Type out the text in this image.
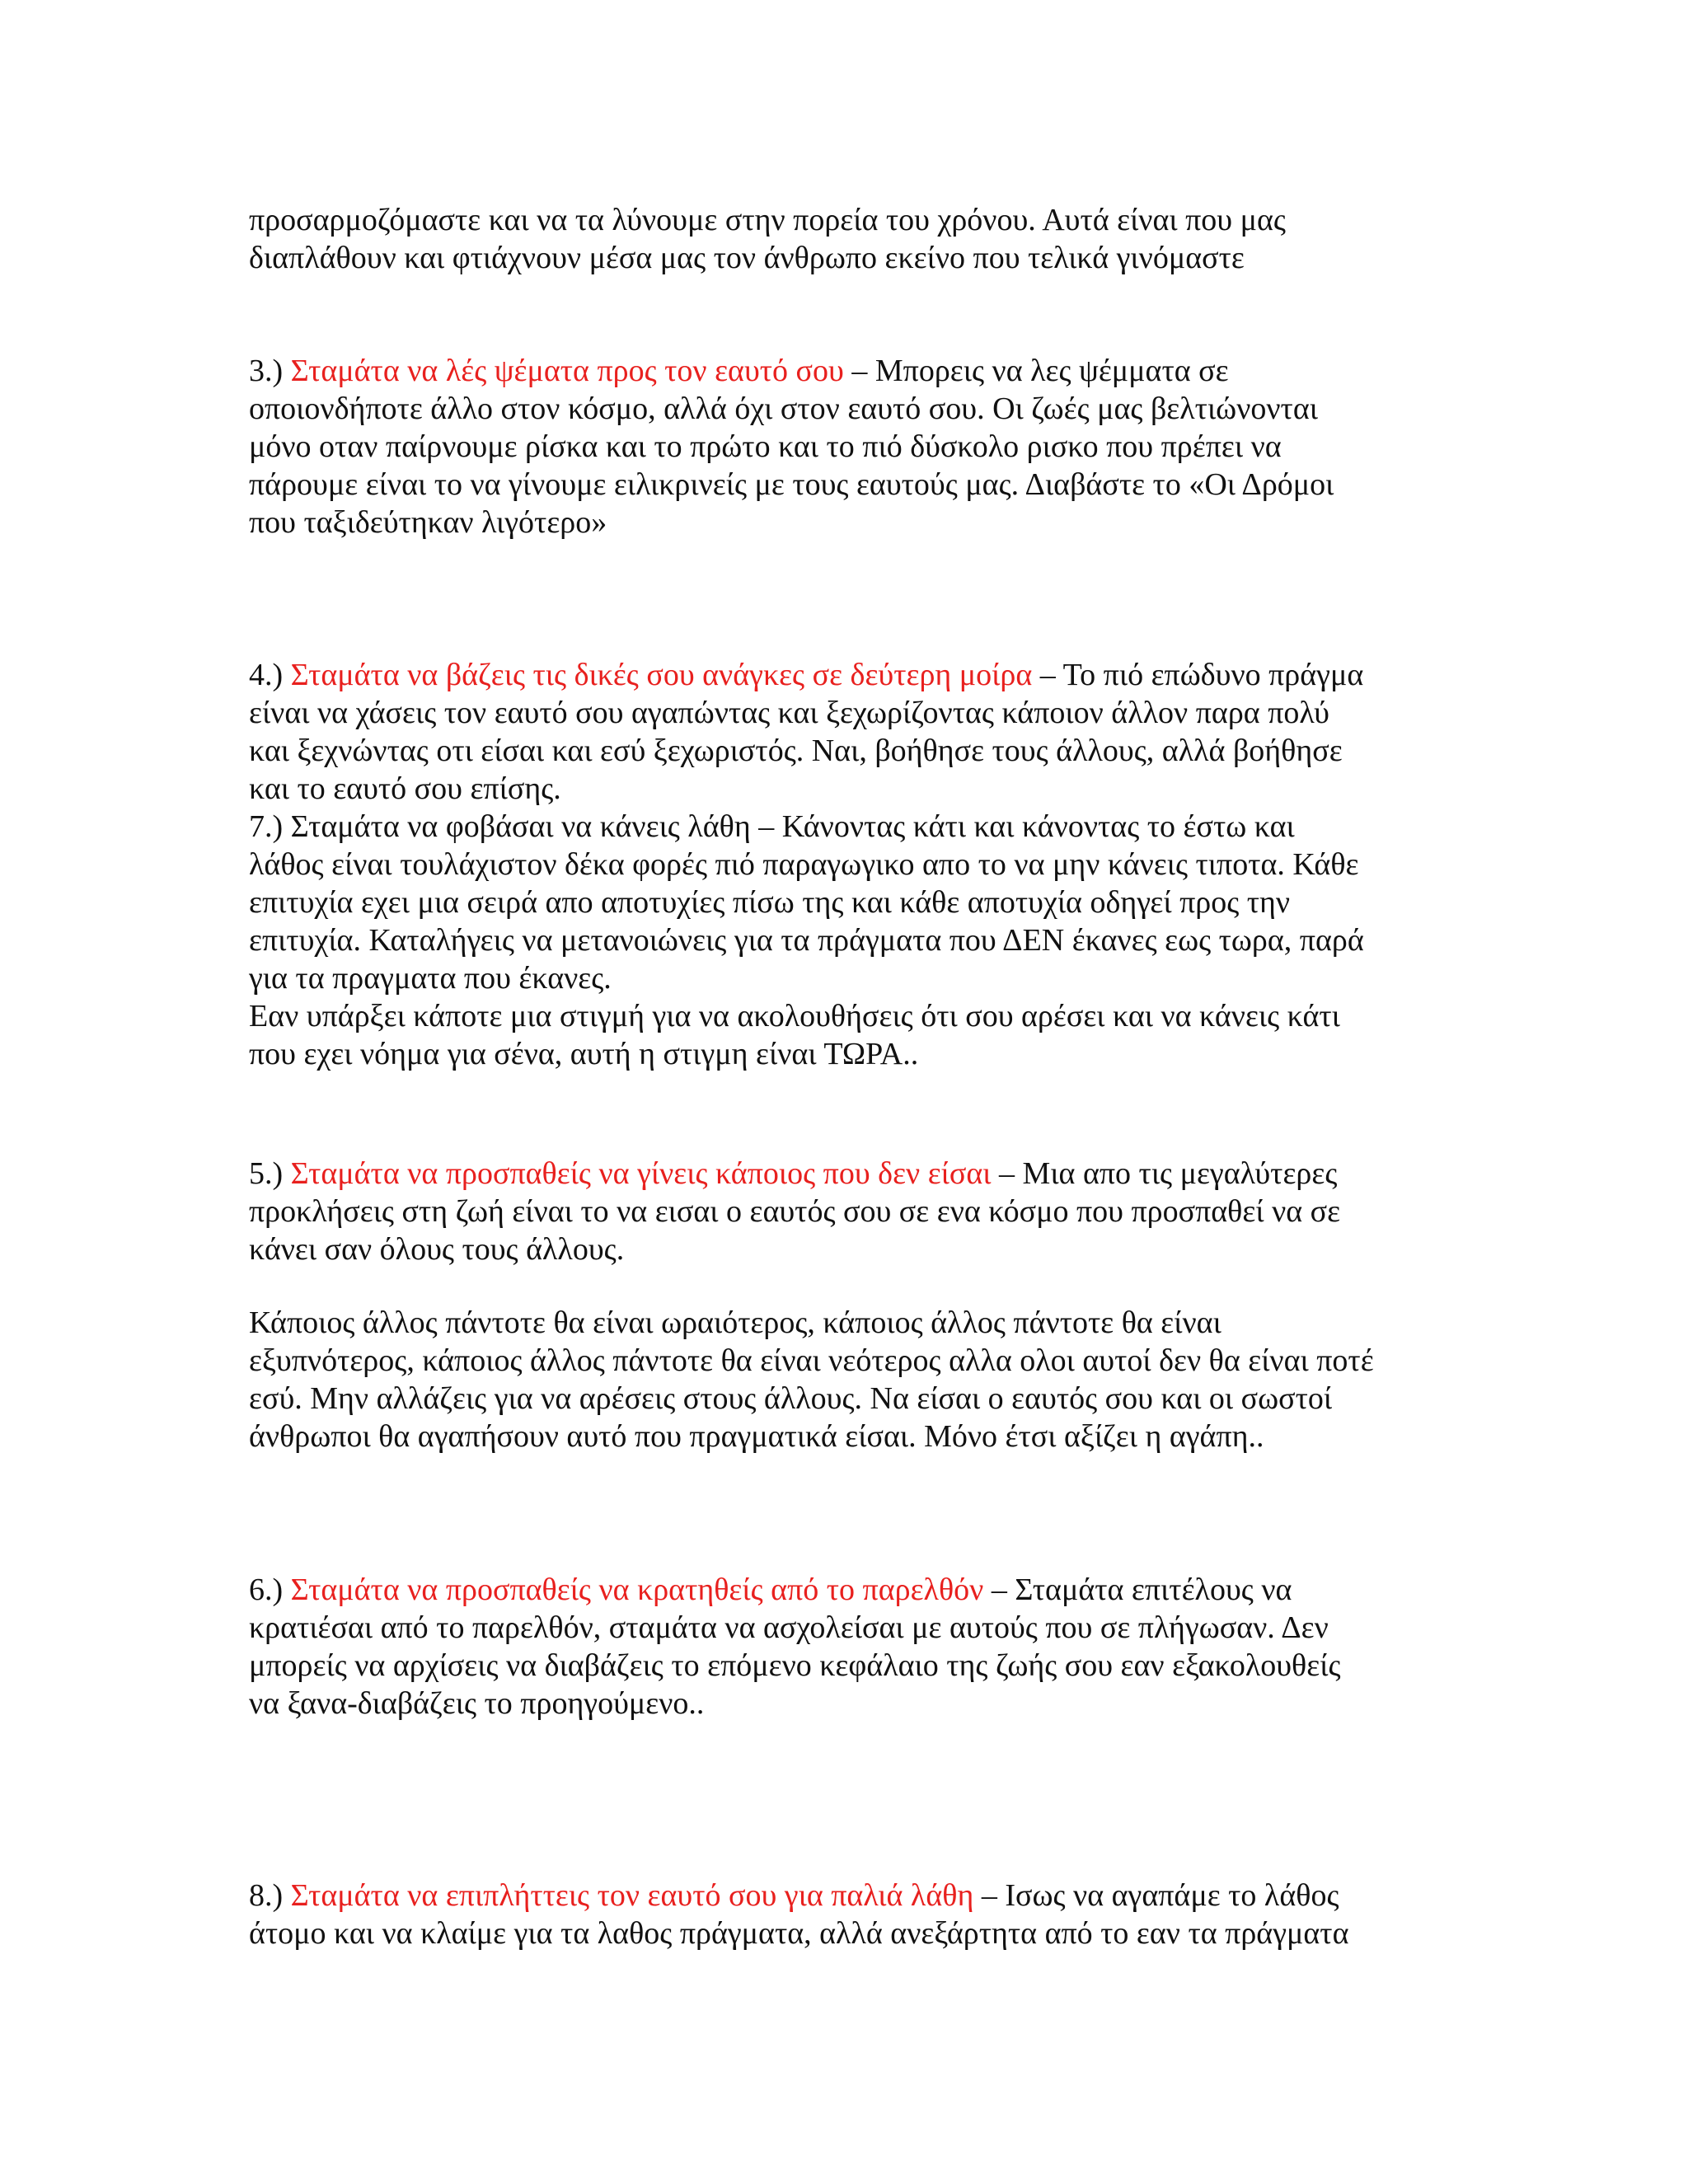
προσαρμοζόμαστε και να τα λύνουμε στην πορεία του χρόνου. Αυτά είναι που μας

διαπλάθουν και φτιάχνουν μέσα μας τον άνθρωπο εκείνο που τελικά γινόμαστε

3.) Σταμάτα να λές ψέματα προς τον εαυτό σου – Μπορεις να λες ψέμματα σε

οποιονδήποτε άλλο στον κόσμο, αλλά όχι στον εαυτό σου. Οι ζωές μας βελτιώνονται

μόνο οταν παίρνουμε ρίσκα και το πρώτο και το πιό δύσκολο ρισκο που πρέπει να

πάρουμε είναι το να γίνουμε ειλικρινείς με τους εαυτούς μας. Διαβάστε το «Οι Δρόμοι

που ταξιδεύτηκαν λιγότερο»

4.) Σταμάτα να βάζεις τις δικές σου ανάγκες σε δεύτερη μοίρα – Το πιό επώδυνο πράγμα

είναι να χάσεις τον εαυτό σου αγαπώντας και ξεχωρίζοντας κάποιον άλλον παρα πολύ

και ξεχνώντας οτι είσαι και εσύ ξεχωριστός. Ναι, βοήθησε τους άλλους, αλλά βοήθησε

και το εαυτό σου επίσης.

7.) Σταμάτα να φοβάσαι να κάνεις λάθη – Κάνοντας κάτι και κάνοντας το έστω και

λάθος είναι τουλάχιστον δέκα φορές πιό παραγωγικο απο το να μην κάνεις τιποτα. Κάθε

επιτυχία εχει μια σειρά απο αποτυχίες πίσω της και κάθε αποτυχία οδηγεί προς την

επιτυχία. Καταλήγεις να μετανοιώνεις για τα πράγματα που ΔΕΝ έκανες εως τωρα, παρά

για τα πραγματα που έκανες.

Εαν υπάρξει κάποτε μια στιγμή για να ακολουθήσεις ότι σου αρέσει και να κάνεις κάτι

που εχει νόημα για σένα, αυτή η στιγμη είναι ΤΩΡΑ..

5.) Σταμάτα να προσπαθείς να γίνεις κάποιος που δεν είσαι – Μια απο τις μεγαλύτερες

προκλήσεις στη ζωή είναι το να εισαι ο εαυτός σου σε ενα κόσμο που προσπαθεί να σε

κάνει σαν όλους τους άλλους.

Κάποιος άλλος πάντοτε θα είναι ωραιότερος, κάποιος άλλος πάντοτε θα είναι

εξυπνότερος, κάποιος άλλος πάντοτε θα είναι νεότερος αλλα ολοι αυτοί δεν θα είναι ποτέ

εσύ. Μην αλλάζεις για να αρέσεις στους άλλους. Να είσαι ο εαυτός σου και οι σωστοί

άνθρωποι θα αγαπήσουν αυτό που πραγματικά είσαι. Μόνο έτσι αξίζει η αγάπη..

6.) Σταμάτα να προσπαθείς να κρατηθείς από το παρελθόν – Σταμάτα επιτέλους να

κρατιέσαι από το παρελθόν, σταμάτα να ασχολείσαι με αυτούς που σε πλήγωσαν. Δεν

μπορείς να αρχίσεις να διαβάζεις το επόμενο κεφάλαιο της ζωής σου εαν εξακολουθείς

να ξανα-διαβάζεις το προηγούμενο..

8.) Σταμάτα να επιπλήττεις τον εαυτό σου για παλιά λάθη – Ισως να αγαπάμε το λάθος

άτομο και να κλαίμε για τα λαθος πράγματα, αλλά ανεξάρτητα από το εαν τα πράγματα
